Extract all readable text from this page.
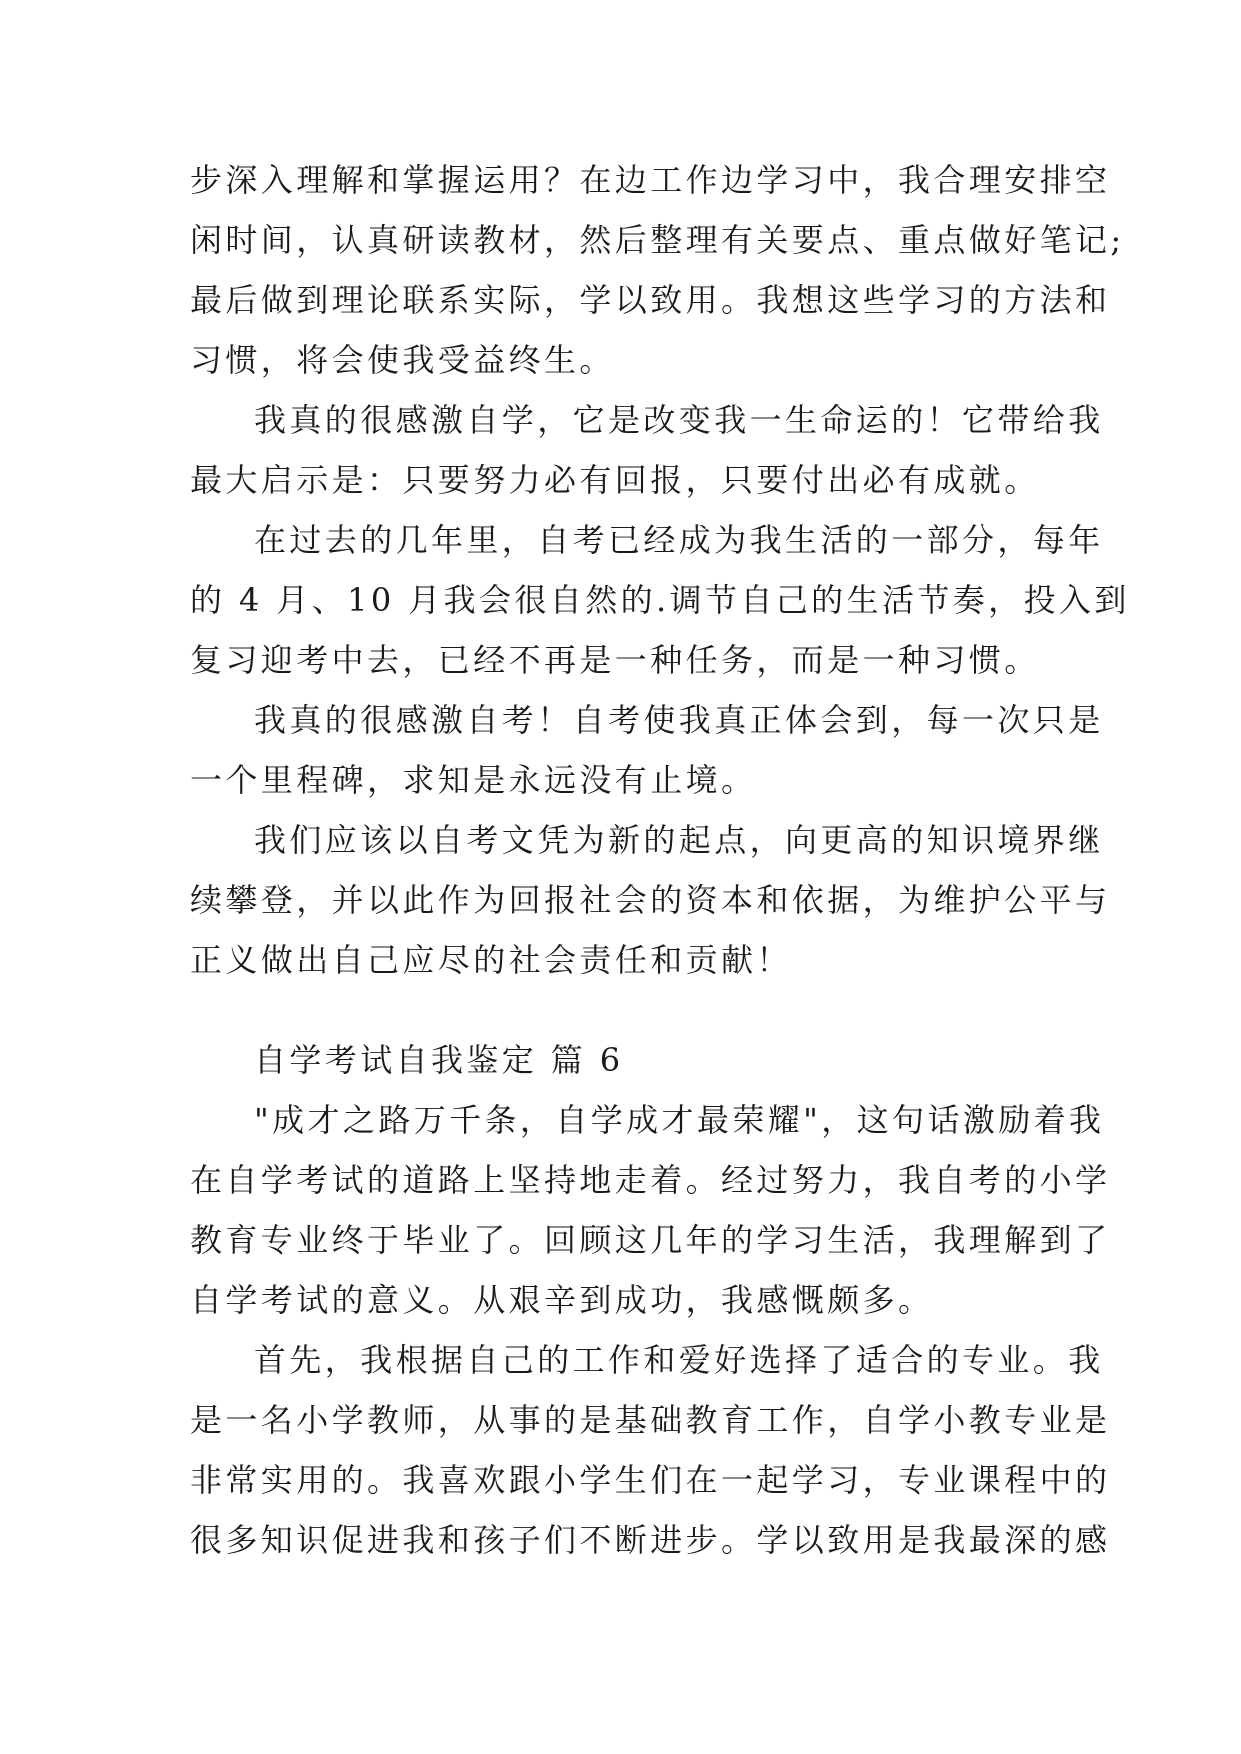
步深入理解和掌握运用？在边工作边学习中，我合理安排空
闲时间，认真研读教材，然后整理有关要点、重点做好笔记;
最后做到理论联系实际，学以致用。我想这些学习的方法和
习惯，将会使我受益终生。
我真的很感激自学，它是改变我一生命运的！它带给我
最大启示是：只要努力必有回报，只要付出必有成就。
在过去的几年里，自考已经成为我生活的一部分，每年
的 4 月、10 月我会很自然的.调节自己的生活节奏，投入到
复习迎考中去，已经不再是一种任务，而是一种习惯。
我真的很感激自考！自考使我真正体会到，每一次只是
一个里程碑，求知是永远没有止境。
我们应该以自考文凭为新的起点，向更高的知识境界继
续攀登，并以此作为回报社会的资本和依据，为维护公平与
正义做出自己应尽的社会责任和贡献！
自学考试自我鉴定 篇 6
"成才之路万千条，自学成才最荣耀"，这句话激励着我
在自学考试的道路上坚持地走着。经过努力，我自考的小学
教育专业终于毕业了。回顾这几年的学习生活，我理解到了
自学考试的意义。从艰辛到成功，我感慨颇多。
首先，我根据自己的工作和爱好选择了适合的专业。我
是一名小学教师，从事的是基础教育工作，自学小教专业是
非常实用的。我喜欢跟小学生们在一起学习，专业课程中的
很多知识促进我和孩子们不断进步。学以致用是我最深的感
